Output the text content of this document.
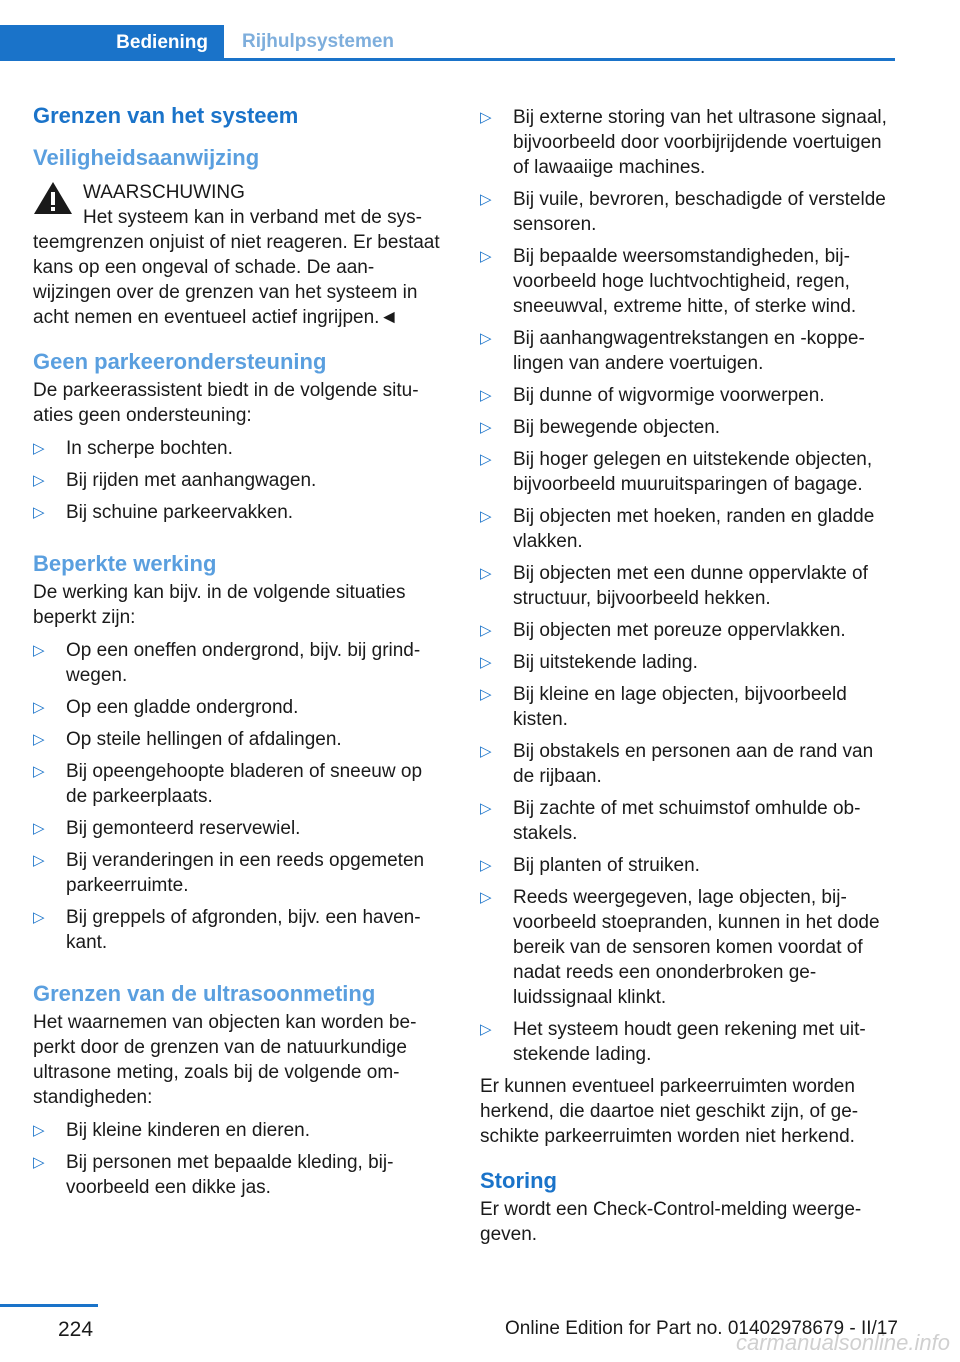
Bediening	Rijhulpsystemen
Grenzen van het systeem
Veiligheidsaanwijzing
WAARSCHUWING
Het systeem kan in verband met de sys-
teemgrenzen onjuist of niet reageren. Er bestaat kans op een ongeval of schade. De aanwijzingen over de grenzen van het systeem in acht nemen en eventueel actief ingrijpen.◄
Geen parkeerondersteuning

De parkeerassistent biedt in de volgende situaties geen ondersteuning:

▷	In scherpe bochten.
▷	Bij rijden met aanhangwagen.
▷	Bij schuine parkeervakken.
Beperkte werking

De werking kan bijv. in de volgende situaties beperkt zijn:

▷	Op een oneffen ondergrond, bijv. bij grindwegen.
▷	Op een gladde ondergrond.
▷	Op steile hellingen of afdalingen.
▷	Bij opeengehoopte bladeren of sneeuw op de parkeerplaats.
▷	Bij gemonteerd reservewiel.
▷	Bij veranderingen in een reeds opgemeten parkeerruimte.
▷	Bij greppels of afgronden, bijv. een havenkant.
Grenzen van de ultrasoonmeting

Het waarnemen van objecten kan worden beperkt door de grenzen van de natuurkundige ultrasone meting, zoals bij de volgende omstandigheden:

▷	Bij kleine kinderen en dieren.
▷	Bij personen met bepaalde kleding, bijvoorbeeld een dikke jas.
▷	Bij externe storing van het ultrasone signaal, bijvoorbeeld door voorbijrijdende voertuigen of lawaaiige machines.
▷	Bij vuile, bevroren, beschadigde of verstelde sensoren.
▷	Bij bepaalde weersomstandigheden, bijvoorbeeld hoge luchtvochtigheid, regen, sneeuwval, extreme hitte, of sterke wind.
▷	Bij aanhangwagentrekstangen en -koppelingen van andere voertuigen.
▷	Bij dunne of wigvormige voorwerpen.
▷	Bij bewegende objecten.
▷	Bij hoger gelegen en uitstekende objecten, bijvoorbeeld muuruitsparingen of bagage.
▷	Bij objecten met hoeken, randen en gladde vlakken.
▷	Bij objecten met een dunne oppervlakte of structuur, bijvoorbeeld hekken.
▷	Bij objecten met poreuze oppervlakken.
▷	Bij uitstekende lading.
▷	Bij kleine en lage objecten, bijvoorbeeld kisten.
▷	Bij obstakels en personen aan de rand van de rijbaan.
▷	Bij zachte of met schuimstof omhulde obstakels.
▷	Bij planten of struiken.
▷	Reeds weergegeven, lage objecten, bijvoorbeeld stoepranden, kunnen in het dode bereik van de sensoren komen voordat of nadat reeds een ononderbroken geluidssignaal klinkt.
▷	Het systeem houdt geen rekening met uitstekende lading.

Er kunnen eventueel parkeerruimten worden herkend, die daartoe niet geschikt zijn, of geschikte parkeerruimten worden niet herkend.

Storing

Er wordt een Check-Control-melding weergegeven.

224	Online Edition for Part no. 01402978679 - II/17
carmanualsonline.info
